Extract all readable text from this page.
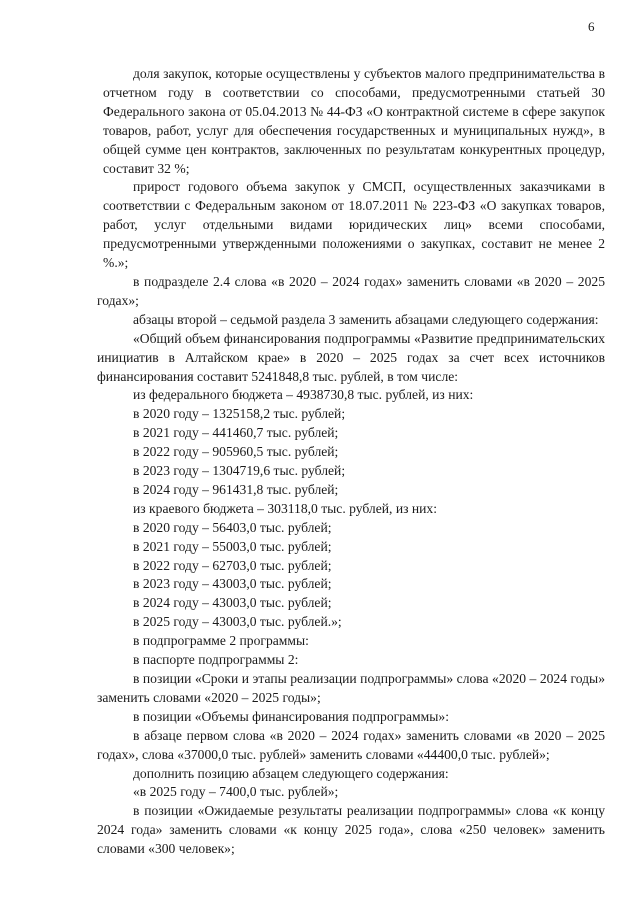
6

доля закупок, которые осуществлены у субъектов малого предпринимательства в отчетном году в соответствии со способами, предусмотренными статьей 30 Федерального закона от 05.04.2013 № 44-ФЗ «О контрактной системе в сфере закупок товаров, работ, услуг для обеспечения государственных и муниципальных нужд», в общей сумме цен контрактов, заключенных по результатам конкурентных процедур, составит 32 %;

прирост годового объема закупок у СМСП, осуществленных заказчиками в соответствии с Федеральным законом от 18.07.2011 № 223-ФЗ «О закупках товаров, работ, услуг отдельными видами юридических лиц» всеми способами, предусмотренными утвержденными положениями о закупках, составит не менее 2 %.»;

в подразделе 2.4 слова «в 2020 – 2024 годах» заменить словами «в 2020 – 2025 годах»;

абзацы второй – седьмой раздела 3 заменить абзацами следующего содержания:

«Общий объем финансирования подпрограммы «Развитие предпринимательских инициатив в Алтайском крае» в 2020 – 2025 годах за счет всех источников финансирования составит 5241848,8 тыс. рублей, в том числе:

из федерального бюджета – 4938730,8 тыс. рублей, из них:

в 2020 году – 1325158,2 тыс. рублей;

в 2021 году – 441460,7 тыс. рублей;

в 2022 году – 905960,5 тыс. рублей;

в 2023 году – 1304719,6 тыс. рублей;

в 2024 году – 961431,8 тыс. рублей;

из краевого бюджета – 303118,0 тыс. рублей, из них:

в 2020 году – 56403,0 тыс. рублей;

в 2021 году – 55003,0 тыс. рублей;

в 2022 году – 62703,0 тыс. рублей;

в 2023 году – 43003,0 тыс. рублей;

в 2024 году – 43003,0 тыс. рублей;

в 2025 году – 43003,0 тыс. рублей.»;

в подпрограмме 2 программы:

в паспорте подпрограммы 2:

в позиции «Сроки и этапы реализации подпрограммы» слова «2020 – 2024 годы» заменить словами «2020 – 2025 годы»;

в позиции «Объемы финансирования подпрограммы»:

в абзаце первом слова «в 2020 – 2024 годах» заменить словами «в 2020 – 2025 годах», слова «37000,0 тыс. рублей» заменить словами «44400,0 тыс. рублей»;

дополнить позицию абзацем следующего содержания:

«в 2025 году – 7400,0 тыс. рублей»;

в позиции «Ожидаемые результаты реализации подпрограммы» слова «к концу 2024 года» заменить словами «к концу 2025 года», слова «250 человек» заменить словами «300 человек»;
